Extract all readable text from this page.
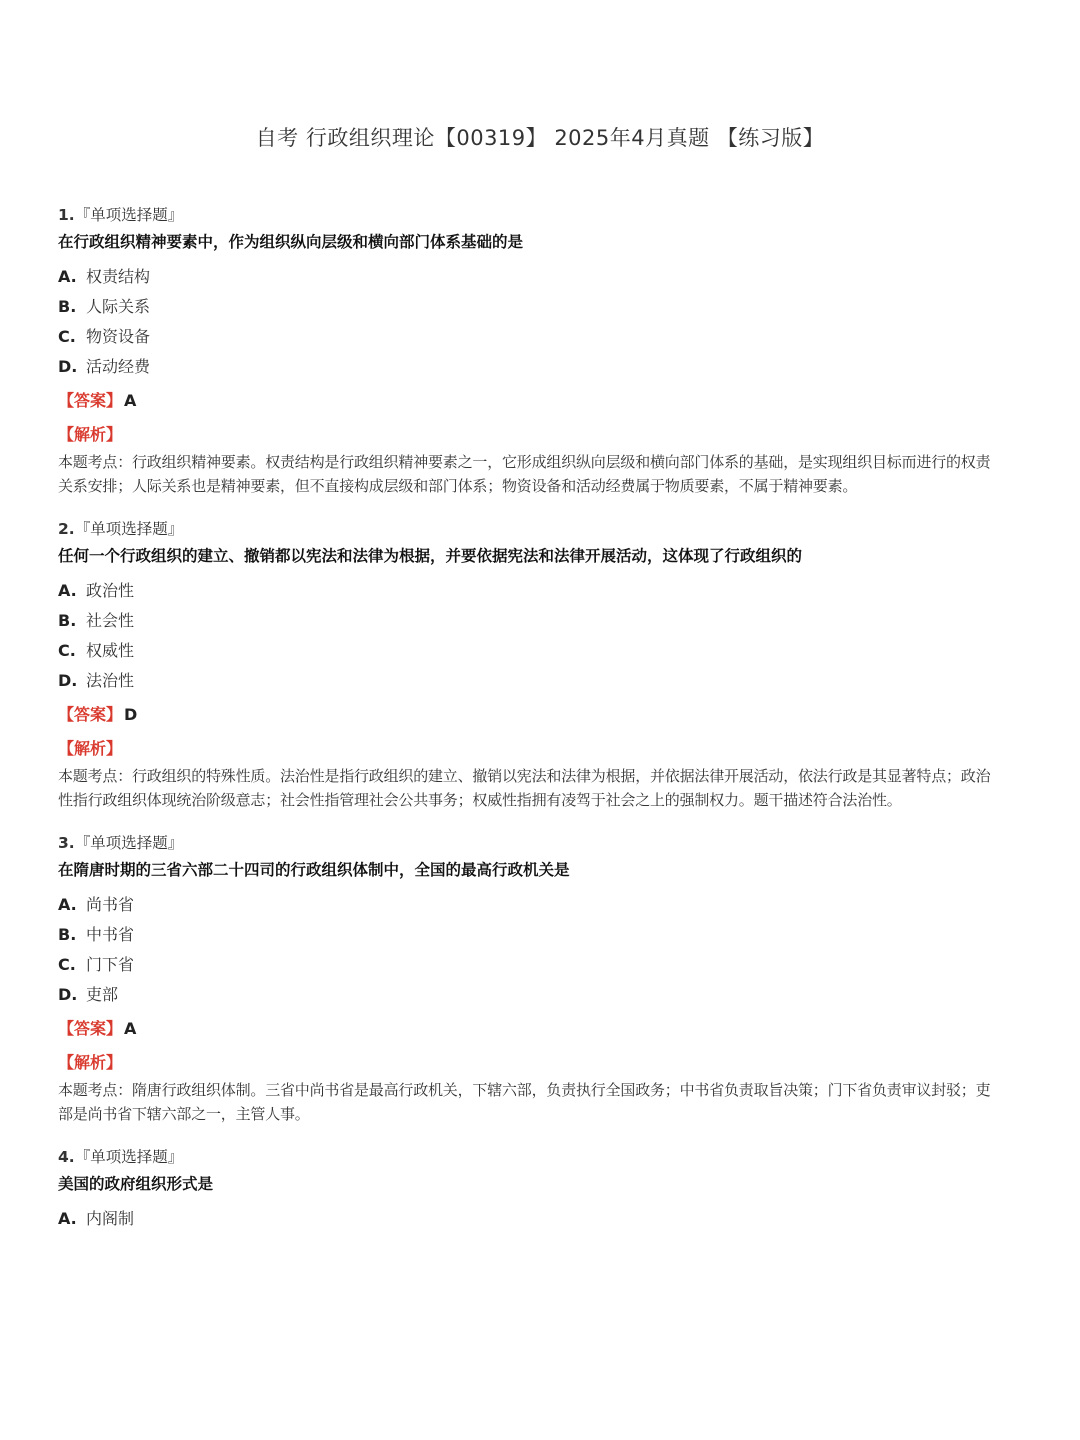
自考 行政组织理论【00319】 2025年4月真题 【练习版】
1.『单项选择题』
在行政组织精神要素中，作为组织纵向层级和横向部门体系基础的是
A. 权责结构
B. 人际关系
C. 物资设备
D. 活动经费
【答案】 A
【解析】
本题考点：行政组织精神要素。权责结构是行政组织精神要素之一，它形成组织纵向层级和横向部门体系的基础，是实现组织目标而进行的权责关系安排；人际关系也是精神要素，但不直接构成层级和部门体系；物资设备和活动经费属于物质要素，不属于精神要素。
2.『单项选择题』
任何一个行政组织的建立、撤销都以宪法和法律为根据，并要依据宪法和法律开展活动，这体现了行政组织的
A. 政治性
B. 社会性
C. 权威性
D. 法治性
【答案】 D
【解析】
本题考点：行政组织的特殊性质。法治性是指行政组织的建立、撤销以宪法和法律为根据，并依据法律开展活动，依法行政是其显著特点；政治性指行政组织体现统治阶级意志；社会性指管理社会公共事务；权威性指拥有凌驾于社会之上的强制权力。题干描述符合法治性。
3.『单项选择题』
在隋唐时期的三省六部二十四司的行政组织体制中，全国的最高行政机关是
A. 尚书省
B. 中书省
C. 门下省
D. 吏部
【答案】 A
【解析】
本题考点：隋唐行政组织体制。三省中尚书省是最高行政机关，下辖六部，负责执行全国政务；中书省负责取旨决策；门下省负责审议封驳；吏部是尚书省下辖六部之一，主管人事。
4.『单项选择题』
美国的政府组织形式是
A. 内阁制
